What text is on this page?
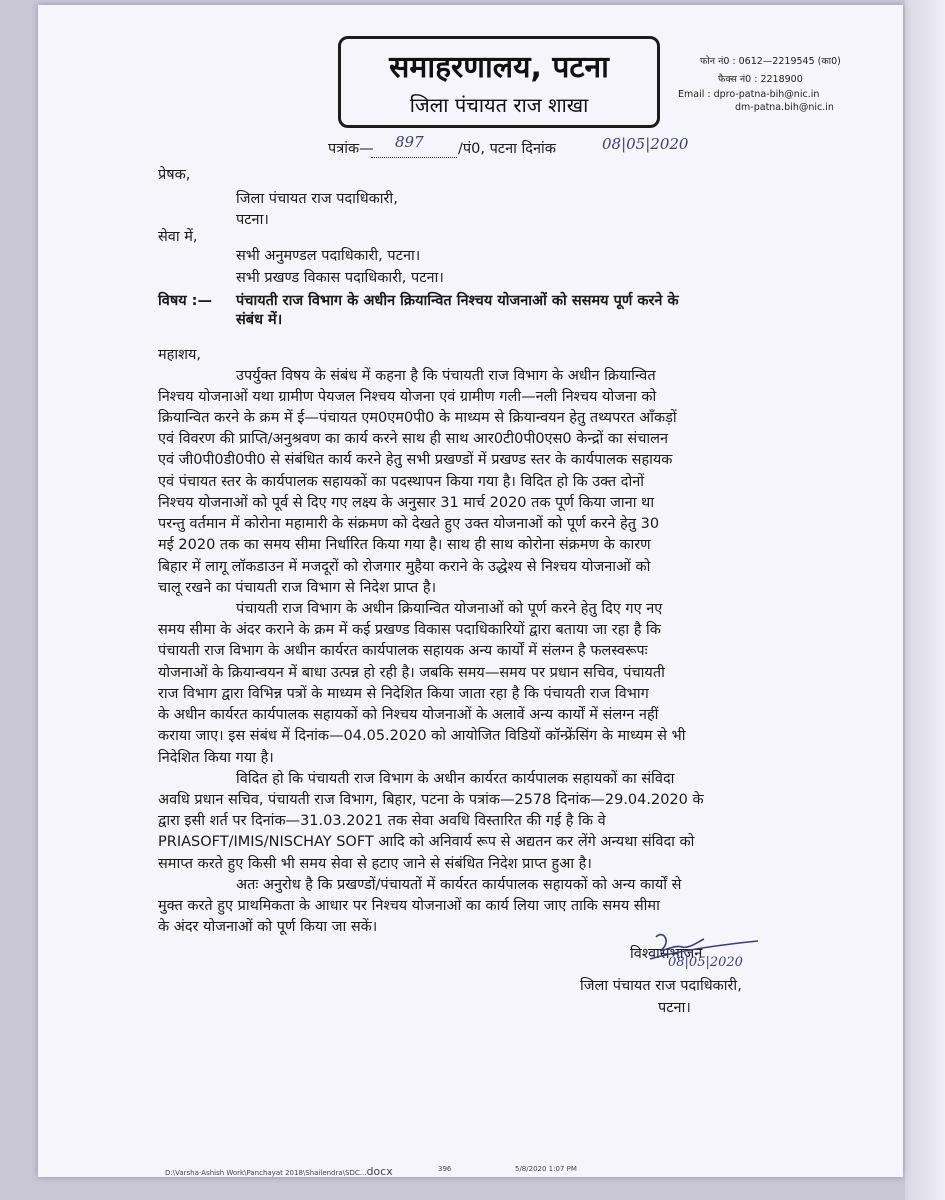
समाहरणालय, पटना
जिला पंचायत राज शाखा
फोन नं0 : 0612—2219545 (का0)
फैक्स नं0 : 2218900
Email : dpro-patna-bih@nic.in
dm-patna.bih@nic.in
पत्रांक— 897 /पं0, पटना दिनांक	08|05|2020
प्रेषक,
जिला पंचायत राज पदाधिकारी,
पटना।
सेवा में,
सभी अनुमण्डल पदाधिकारी, पटना।
सभी प्रखण्ड विकास पदाधिकारी, पटना।
विषय :— पंचायती राज विभाग के अधीन क्रियान्वित निश्चय योजनाओं को ससमय पूर्ण करने के
संबंध में।
महाशय,
उपर्युक्त विषय के संबंध में कहना है कि पंचायती राज विभाग के अधीन क्रियान्वित
निश्चय योजनाओं यथा ग्रामीण पेयजल निश्चय योजना एवं ग्रामीण गली—नली निश्चय योजना को
क्रियान्वित करने के क्रम में ई—पंचायत एम0एम0पी0 के माध्यम से क्रियान्वयन हेतु तथ्यपरत आँकड़ों
एवं विवरण की प्राप्ति/अनुश्रवण का कार्य करने साथ ही साथ आर0टी0पी0एस0 केन्द्रों का संचालन
एवं जी0पी0डी0पी0 से संबंधित कार्य करने हेतु सभी प्रखण्डों में प्रखण्ड स्तर के कार्यपालक सहायक
एवं पंचायत स्तर के कार्यपालक सहायकों का पदस्थापन किया गया है। विदित हो कि उक्त दोनों
निश्चय योजनाओं को पूर्व से दिए गए लक्ष्य के अनुसार 31 मार्च 2020 तक पूर्ण किया जाना था
परन्तु वर्तमान में कोरोना महामारी के संक्रमण को देखते हुए उक्त योजनाओं को पूर्ण करने हेतु 30
मई 2020 तक का समय सीमा निर्धारित किया गया है। साथ ही साथ कोरोना संक्रमण के कारण
बिहार में लागू लॉकडाउन में मजदूरों को रोजगार मुहैया कराने के उद्धेश्य से निश्चय योजनाओं को
चालू रखने का पंचायती राज विभाग से निदेश प्राप्त है।
पंचायती राज विभाग के अधीन क्रियान्वित योजनाओं को पूर्ण करने हेतु दिए गए नए
समय सीमा के अंदर कराने के क्रम में कई प्रखण्ड विकास पदाधिकारियों द्वारा बताया जा रहा है कि
पंचायती राज विभाग के अधीन कार्यरत कार्यपालक सहायक अन्य कार्यों में संलग्न है फलस्वरूपः
योजनाओं के क्रियान्वयन में बाधा उत्पन्न हो रही है। जबकि समय—समय पर प्रधान सचिव, पंचायती
राज विभाग द्वारा विभिन्न पत्रों के माध्यम से निदेशित किया जाता रहा है कि पंचायती राज विभाग
के अधीन कार्यरत कार्यपालक सहायकों को निश्चय योजनाओं के अलावें अन्य कार्यों में संलग्न नहीं
कराया जाए। इस संबंध में दिनांक—04.05.2020 को आयोजित विडियों कॉन्फ्रेंसिंग के माध्यम से भी
निदेशित किया गया है।
विदित हो कि पंचायती राज विभाग के अधीन कार्यरत कार्यपालक सहायकों का संविदा
अवधि प्रधान सचिव, पंचायती राज विभाग, बिहार, पटना के पत्रांक—2578 दिनांक—29.04.2020 के
द्वारा इसी शर्त पर दिनांक—31.03.2021 तक सेवा अवधि विस्तारित की गई है कि वे
PRIASOFT/IMIS/NISCHAY SOFT आदि को अनिवार्य रूप से अद्यतन कर लेंगे अन्यथा संविदा को
समाप्त करते हुए किसी भी समय सेवा से हटाए जाने से संबंधित निदेश प्राप्त हुआ है।
अतः अनुरोध है कि प्रखण्डों/पंचायतों में कार्यरत कार्यपालक सहायकों को अन्य कार्यों से
मुक्त करते हुए प्राथमिकता के आधार पर निश्चय योजनाओं का कार्य लिया जाए ताकि समय सीमा
के अंदर योजनाओं को पूर्ण किया जा सकें।
विश्वासभाजन
08|05|2020
जिला पंचायत राज पदाधिकारी,
पटना।
D:\Varsha-Ashish Work\Panchayat 2018\Shailendra\SDC...docx	396	5/8/2020 1:07 PM
